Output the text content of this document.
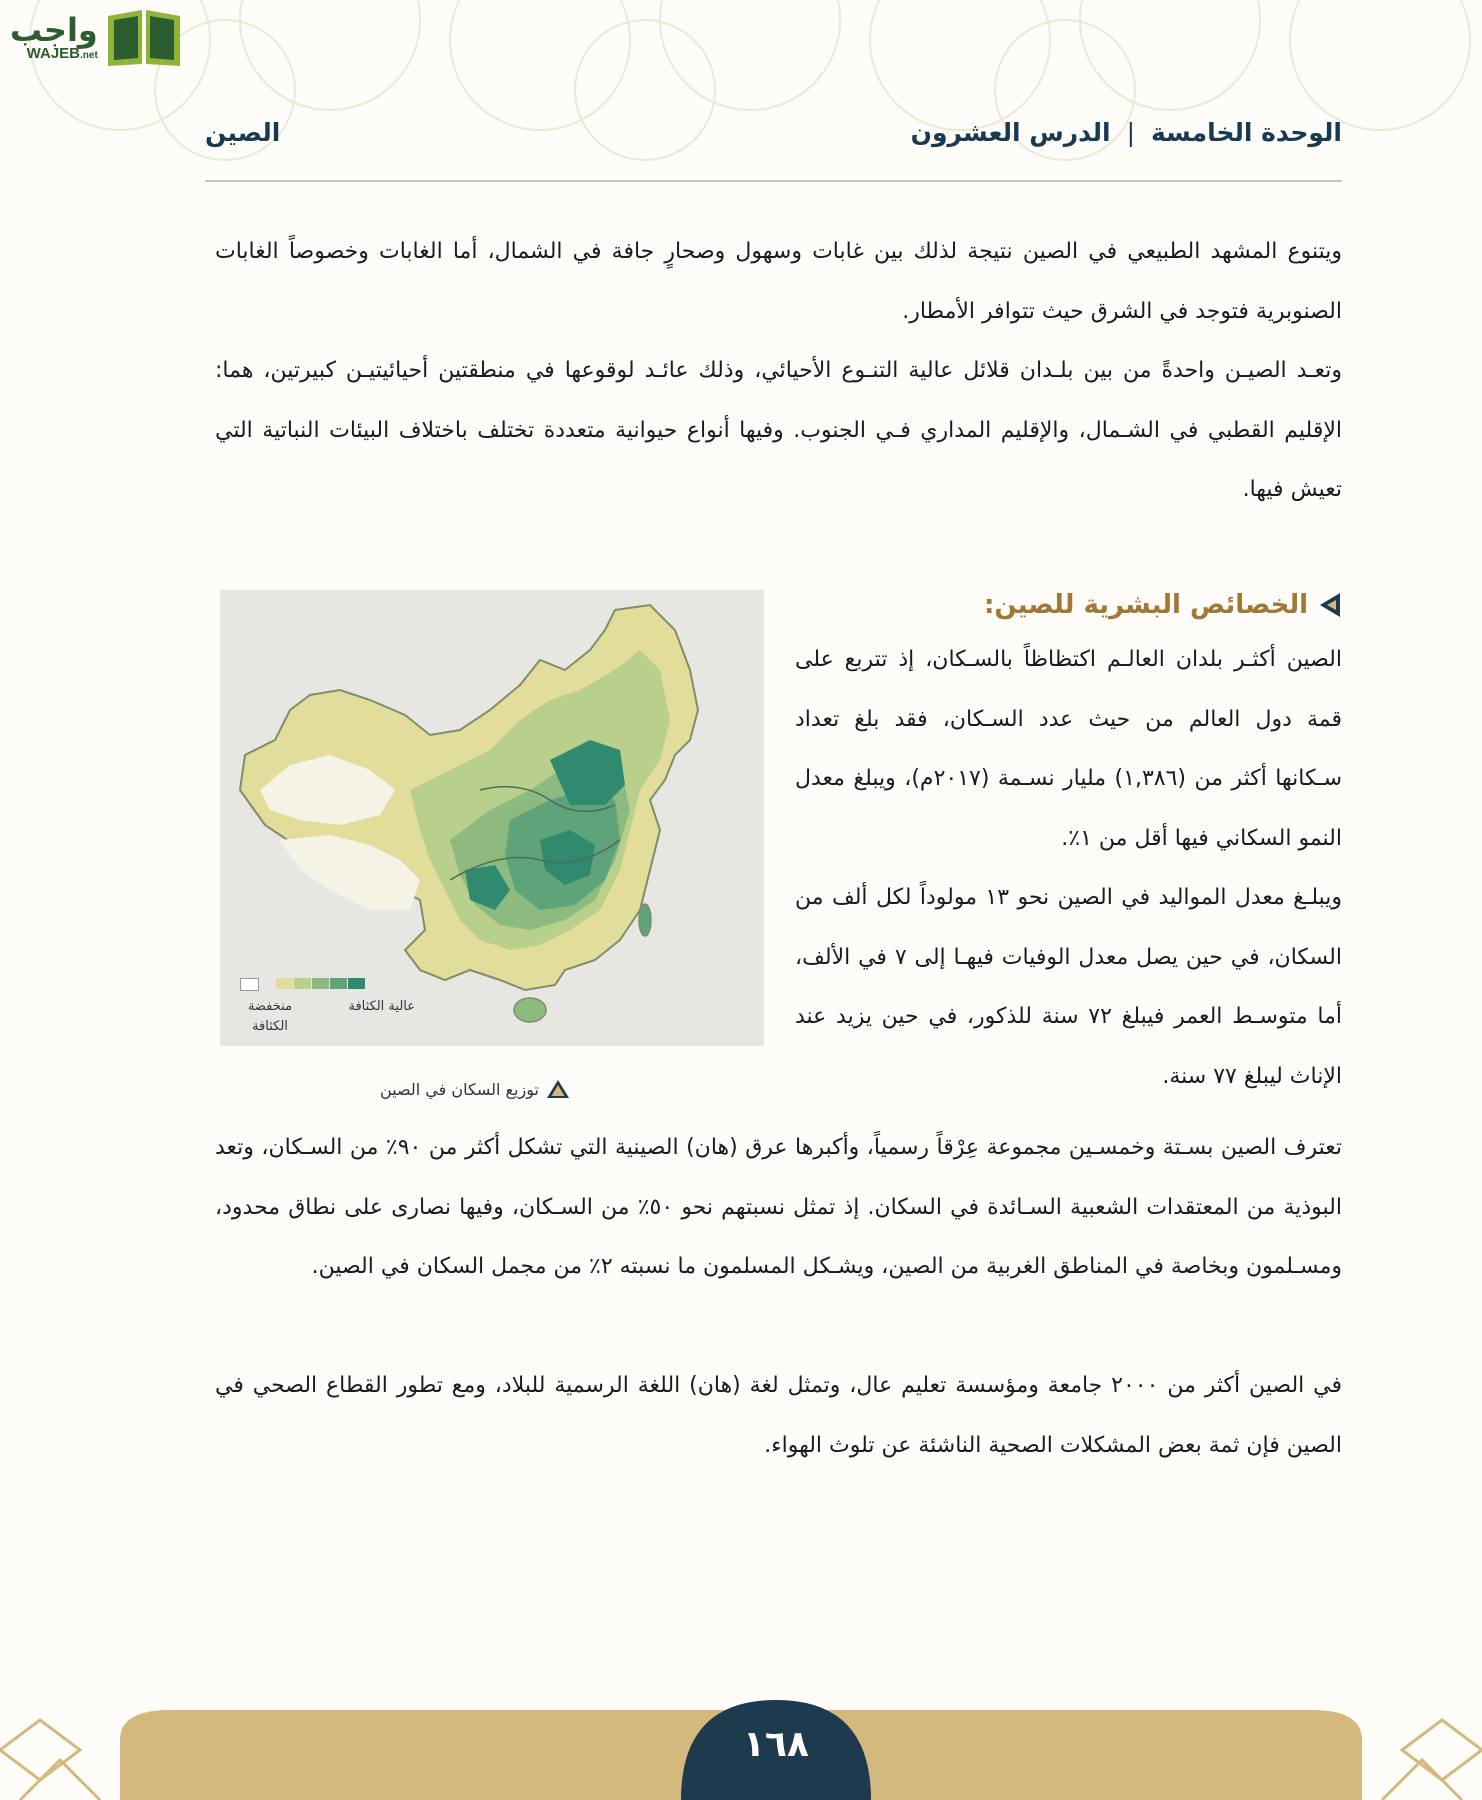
واجب
WAJEB.net
الوحدة الخامسة
|
الدرس العشرون
الصين

ويتنوع المشهد الطبيعي في الصين نتيجة لذلك بين غابات وسهول وصحارٍ جافة في الشمال، أما الغابات وخصوصاً الغابات الصنوبرية فتوجد في الشرق حيث تتوافر الأمطار.

وتعـد الصيـن واحدةً من بين بلـدان قلائل عالية التنـوع الأحيائي، وذلك عائـد لوقوعها في منطقتين أحيائيتيـن كبيرتين، هما: الإقليم القطبي في الشـمال، والإقليم المداري فـي الجنوب. وفيها أنواع حيوانية متعددة تختلف باختلاف البيئات النباتية التي تعيش فيها.

عالية الكثافة
منخفضة الكثافة
توزيع السكان في الصين
الخصائص البشرية للصين:

الصين أكثـر بلدان العالـم اكتظاظاً بالسـكان، إذ تتربع على قمة دول العالم من حيث عدد السـكان، فقد بلغ تعداد سـكانها أكثر من (١,٣٨٦) مليار نسـمة (٢٠١٧م)، ويبلغ معدل النمو السكاني فيها أقل من ١٪.

ويبلـغ معدل المواليد في الصين نحو ١٣ مولوداً لكل ألف من السكان، في حين يصل معدل الوفيات فيهـا إلى ٧ في الألف، أما متوسـط العمر فيبلغ ٧٢ سنة للذكور، في حين يزيد عند الإناث ليبلغ ٧٧ سنة.

تعترف الصين بسـتة وخمسـين مجموعة عِرْقاً رسمياً، وأكبرها عرق (هان) الصينية التي تشكل أكثر من ٩٠٪ من السـكان، وتعد البوذية من المعتقدات الشعبية السـائدة في السكان. إذ تمثل نسبتهم نحو ٥٠٪ من السـكان، وفيها نصارى على نطاق محدود، ومسـلمون وبخاصة في المناطق الغربية من الصين، ويشـكل المسلمون ما نسبته ٢٪ من مجمل السكان في الصين.

في الصين أكثر من ٢٠٠٠ جامعة ومؤسسة تعليم عال، وتمثل لغة (هان) اللغة الرسمية للبلاد، ومع تطور القطاع الصحي في الصين فإن ثمة بعض المشكلات الصحية الناشئة عن تلوث الهواء.

١٦٨
